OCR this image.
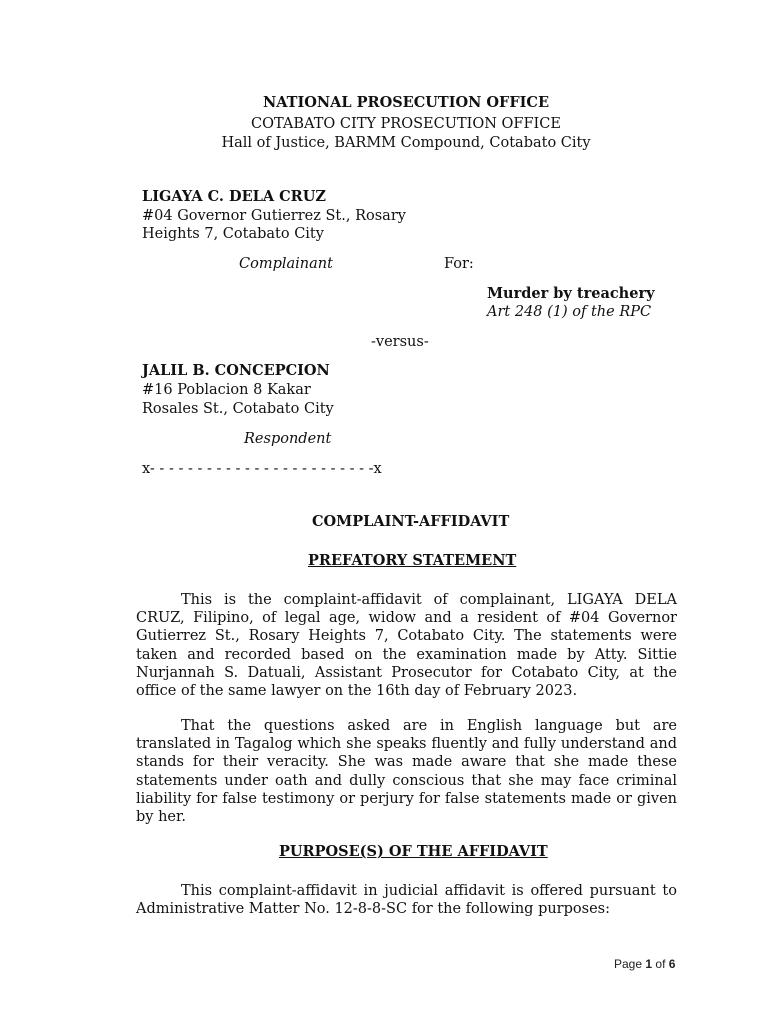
NATIONAL PROSECUTION OFFICE
COTABATO CITY PROSECUTION OFFICE
Hall of Justice, BARMM Compound, Cotabato City
LIGAYA C. DELA CRUZ
#04 Governor Gutierrez St., Rosary
Heights 7, Cotabato City
Complainant	For:
Murder by treachery
Art 248 (1) of the RPC
-versus-
JALIL B. CONCEPCION
#16 Poblacion 8 Kakar
Rosales St., Cotabato City
Respondent
x- - - - - - - - - - - - - - - - - - - - - - - -x
COMPLAINT-AFFIDAVIT
PREFATORY STATEMENT
This is the complaint-affidavit of complainant, LIGAYA DELA CRUZ, Filipino, of legal age, widow and a resident of #04 Governor Gutierrez St., Rosary Heights 7, Cotabato City. The statements were taken and recorded based on the examination made by Atty. Sittie Nurjannah S. Datuali, Assistant Prosecutor for Cotabato City, at the office of the same lawyer on the 16th day of February 2023.
That the questions asked are in English language but are translated in Tagalog which she speaks fluently and fully understand and stands for their veracity. She was made aware that she made these statements under oath and dully conscious that she may face criminal liability for false testimony or perjury for false statements made or given by her.
PURPOSE(S) OF THE AFFIDAVIT
This complaint-affidavit in judicial affidavit is offered pursuant to Administrative Matter No. 12-8-8-SC for the following purposes:
Page 1 of 6
